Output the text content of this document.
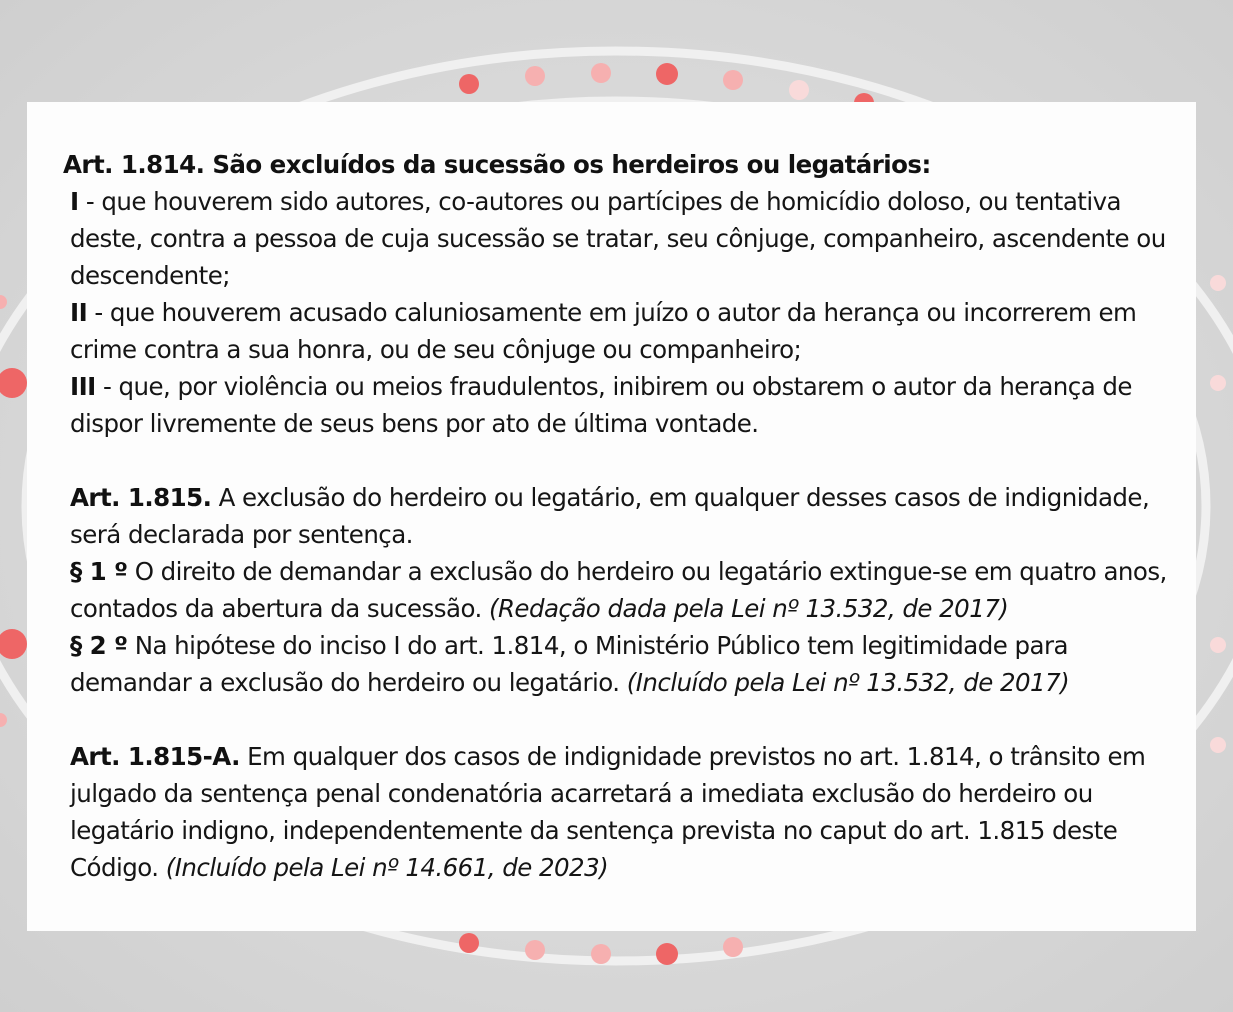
Art. 1.814. São excluídos da sucessão os herdeiros ou legatários:

I - que houverem sido autores, co-autores ou partícipes de homicídio doloso, ou tentativa deste, contra a pessoa de cuja sucessão se tratar, seu cônjuge, companheiro, ascendente ou descendente;

II - que houverem acusado caluniosamente em juízo o autor da herança ou incorrerem em crime contra a sua honra, ou de seu cônjuge ou companheiro;

III - que, por violência ou meios fraudulentos, inibirem ou obstarem o autor da herança de dispor livremente de seus bens por ato de última vontade.

Art. 1.815. A exclusão do herdeiro ou legatário, em qualquer desses casos de indignidade, será declarada por sentença.

§ 1 º O direito de demandar a exclusão do herdeiro ou legatário extingue-se em quatro anos, contados da abertura da sucessão. (Redação dada pela Lei nº 13.532, de 2017)

§ 2 º Na hipótese do inciso I do art. 1.814, o Ministério Público tem legitimidade para demandar a exclusão do herdeiro ou legatário. (Incluído pela Lei nº 13.532, de 2017)

Art. 1.815-A. Em qualquer dos casos de indignidade previstos no art. 1.814, o trânsito em julgado da sentença penal condenatória acarretará a imediata exclusão do herdeiro ou legatário indigno, independentemente da sentença prevista no caput do art. 1.815 deste Código. (Incluído pela Lei nº 14.661, de 2023)
